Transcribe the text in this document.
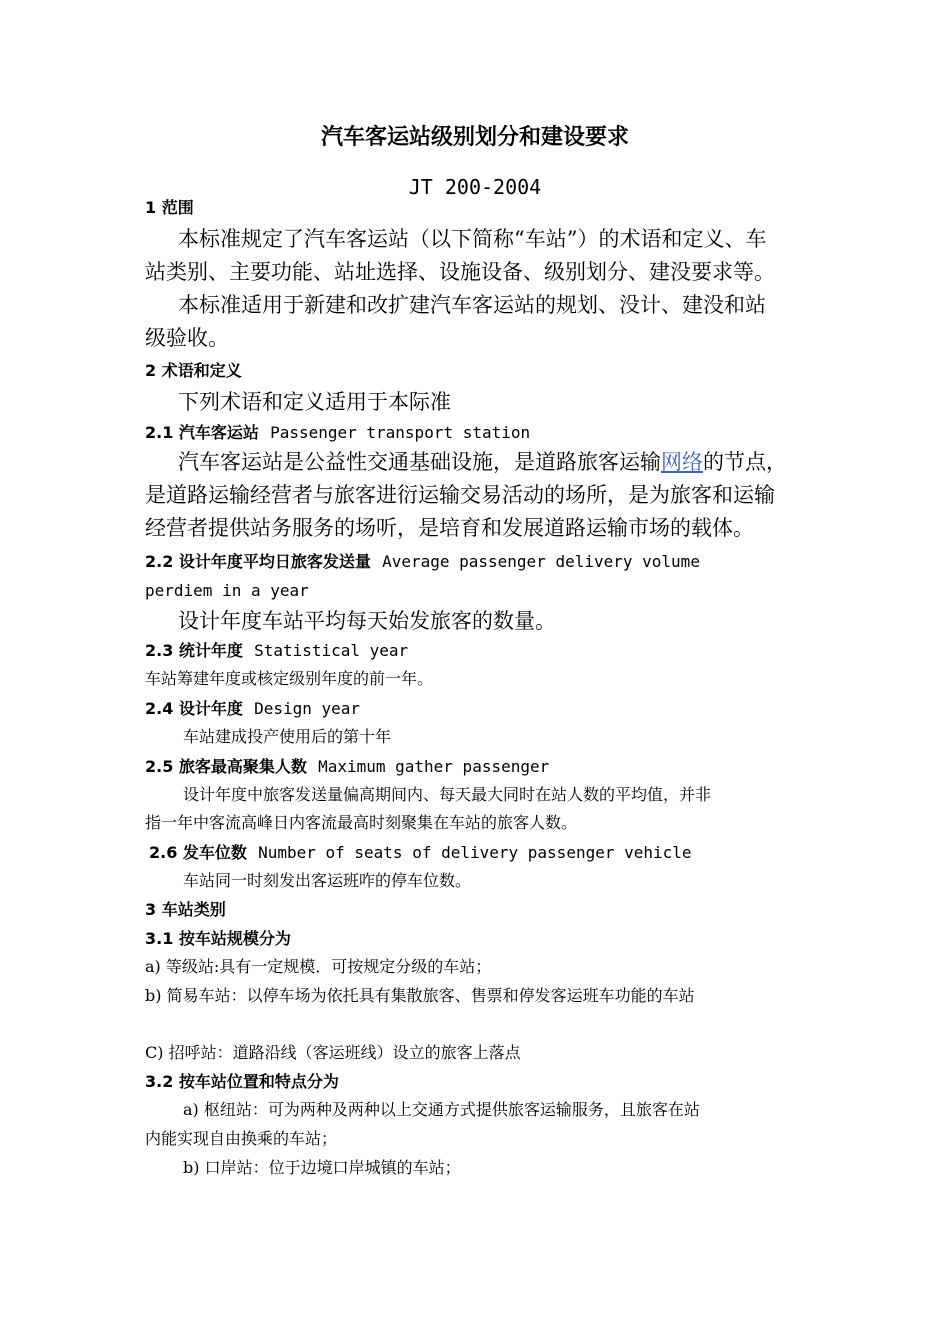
汽车客运站级别划分和建设要求
JT 200-2004
1 范围
本标准规定了汽车客运站（以下简称“车站”）的术语和定义、车
站类别、主要功能、站址选择、设施设备、级别划分、建没要求等。
本标准适用于新建和改扩建汽车客运站的规划、没计、建没和站
级验收。
2 术语和定义
下列术语和定义适用于本际准
2.1 汽车客运站 Passenger transport station
汽车客运站是公益性交通基础设施，是道路旅客运输网络的节点，
是道路运输经营者与旅客进衍运输交易活动的场所，是为旅客和运输
经营者提供站务服务的场听，是培育和发展道路运输市场的载体。
2.2 设计年度平均日旅客发送量 Average passenger delivery volume
perdiem in a year
设计年度车站平均每天始发旅客的数量。
2.3 统计年度 Statistical year
车站筹建年度或核定级别年度的前一年。
2.4 设计年度 Design year
车站建成投产使用后的第十年
2.5 旅客最高聚集人数 Maximum gather passenger
设计年度中旅客发送量偏高期间内、每天最大同时在站人数的平均值，并非
指一年中客流高峰日内客流最高时刻聚集在车站的旅客人数。
2.6 发车位数 Number of seats of delivery passenger vehicle
车站同一时刻发出客运班咋的停车位数。
3 车站类别
3.1 按车站规模分为
a) 等级站:具有一定规模．可按规定分级的车站；
b) 简易车站：以停车场为依托具有集散旅客、售票和停发客运班车功能的车站
C) 招呼站：道路沿线（客运班线）设立的旅客上落点
3.2 按车站位置和特点分为
a) 枢纽站：可为两种及两种以上交通方式提供旅客运输服务，且旅客在站
内能实现自由换乘的车站；
b) 口岸站：位于边境口岸城镇的车站；
